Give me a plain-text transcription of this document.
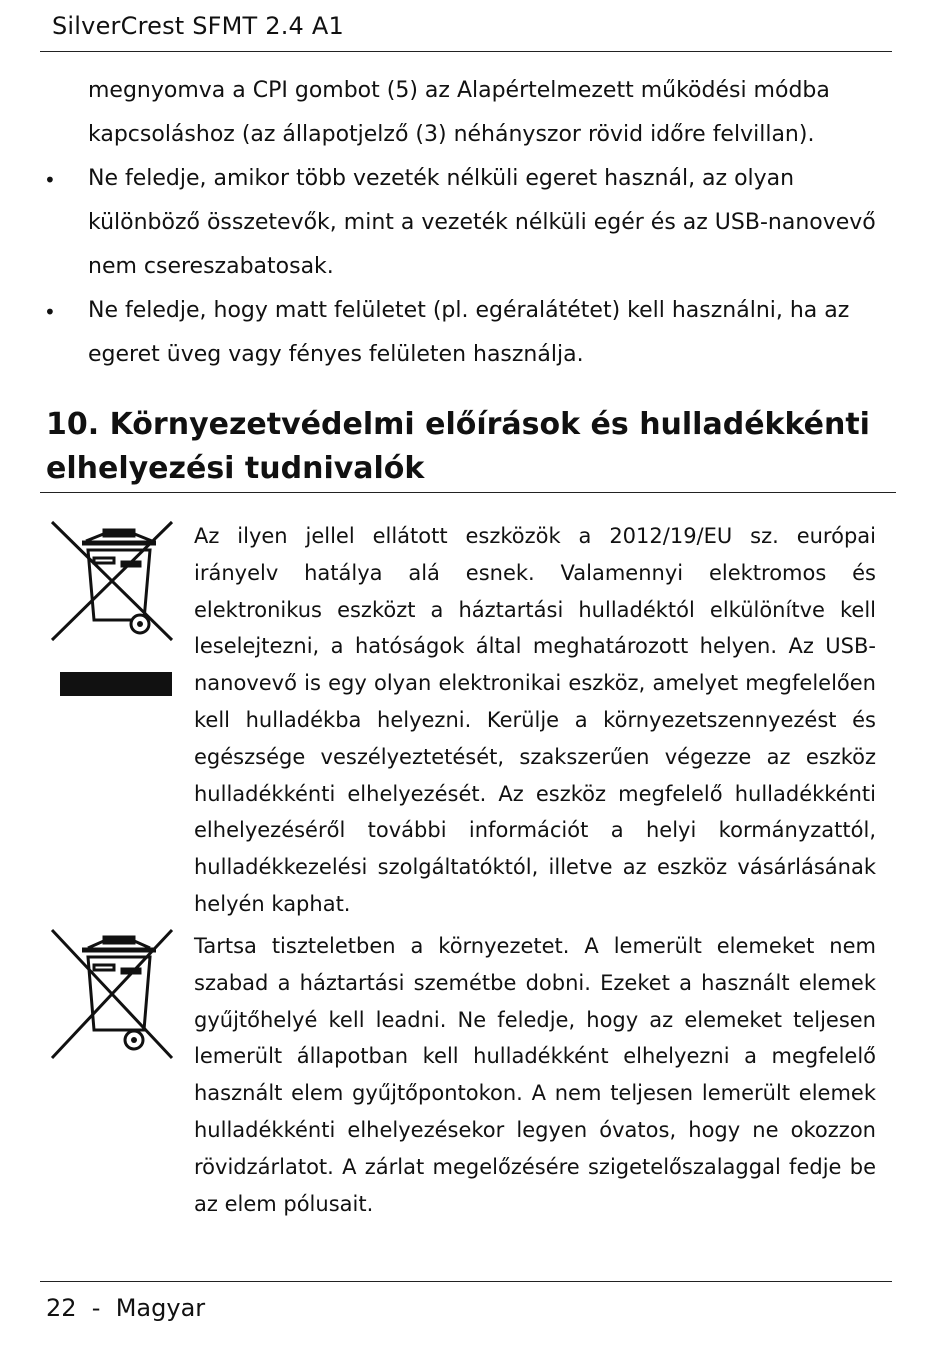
SilverCrest SFMT 2.4 A1
megnyomva a CPI gombot (5) az Alapértelmezett működési módba
kapcsoláshoz (az állapotjelző (3) néhányszor rövid időre felvillan).
• Ne feledje, amikor több vezeték nélküli egeret használ, az olyan
különböző összetevők, mint a vezeték nélküli egér és az USB-nanovevő
nem csereszabatosak.
• Ne feledje, hogy matt felületet (pl. egéralátétet) kell használni, ha az
egeret üveg vagy fényes felületen használja.
10. Környezetvédelmi előírások és hulladékkénti
elhelyezési tudnivalók
Az ilyen jellel ellátott eszközök a 2012/19/EU sz. európai irányelv hatálya alá esnek. Valamennyi elektromos és elektronikus eszközt a háztartási hulladéktól elkülönítve kell leselejtezni, a hatóságok által meghatározott helyen. Az USB-nanovevő is egy olyan elektronikai eszköz, amelyet megfelelően kell hulladékba helyezni. Kerülje a környezetszennyezést és egészsége veszélyeztetését, szakszerűen végezze az eszköz hulladékkénti elhelyezését. Az eszköz megfelelő hulladékkénti elhelyezéséről további információt a helyi kormányzattól, hulladékkezelési szolgáltatóktól, illetve az eszköz vásárlásának helyén kaphat.
Tartsa tiszteletben a környezetet. A lemerült elemeket nem szabad a háztartási szemétbe dobni. Ezeket a használt elemek gyűjtőhelyé kell leadni. Ne feledje, hogy az elemeket teljesen lemerült állapotban kell hulladékként elhelyezni a megfelelő használt elem gyűjtőpontokon. A nem teljesen lemerült elemek hulladékkénti elhelyezésekor legyen óvatos, hogy ne okozzon rövidzárlatot. A zárlat megelőzésére szigetelőszalaggal fedje be az elem pólusait.
22  -  Magyar
